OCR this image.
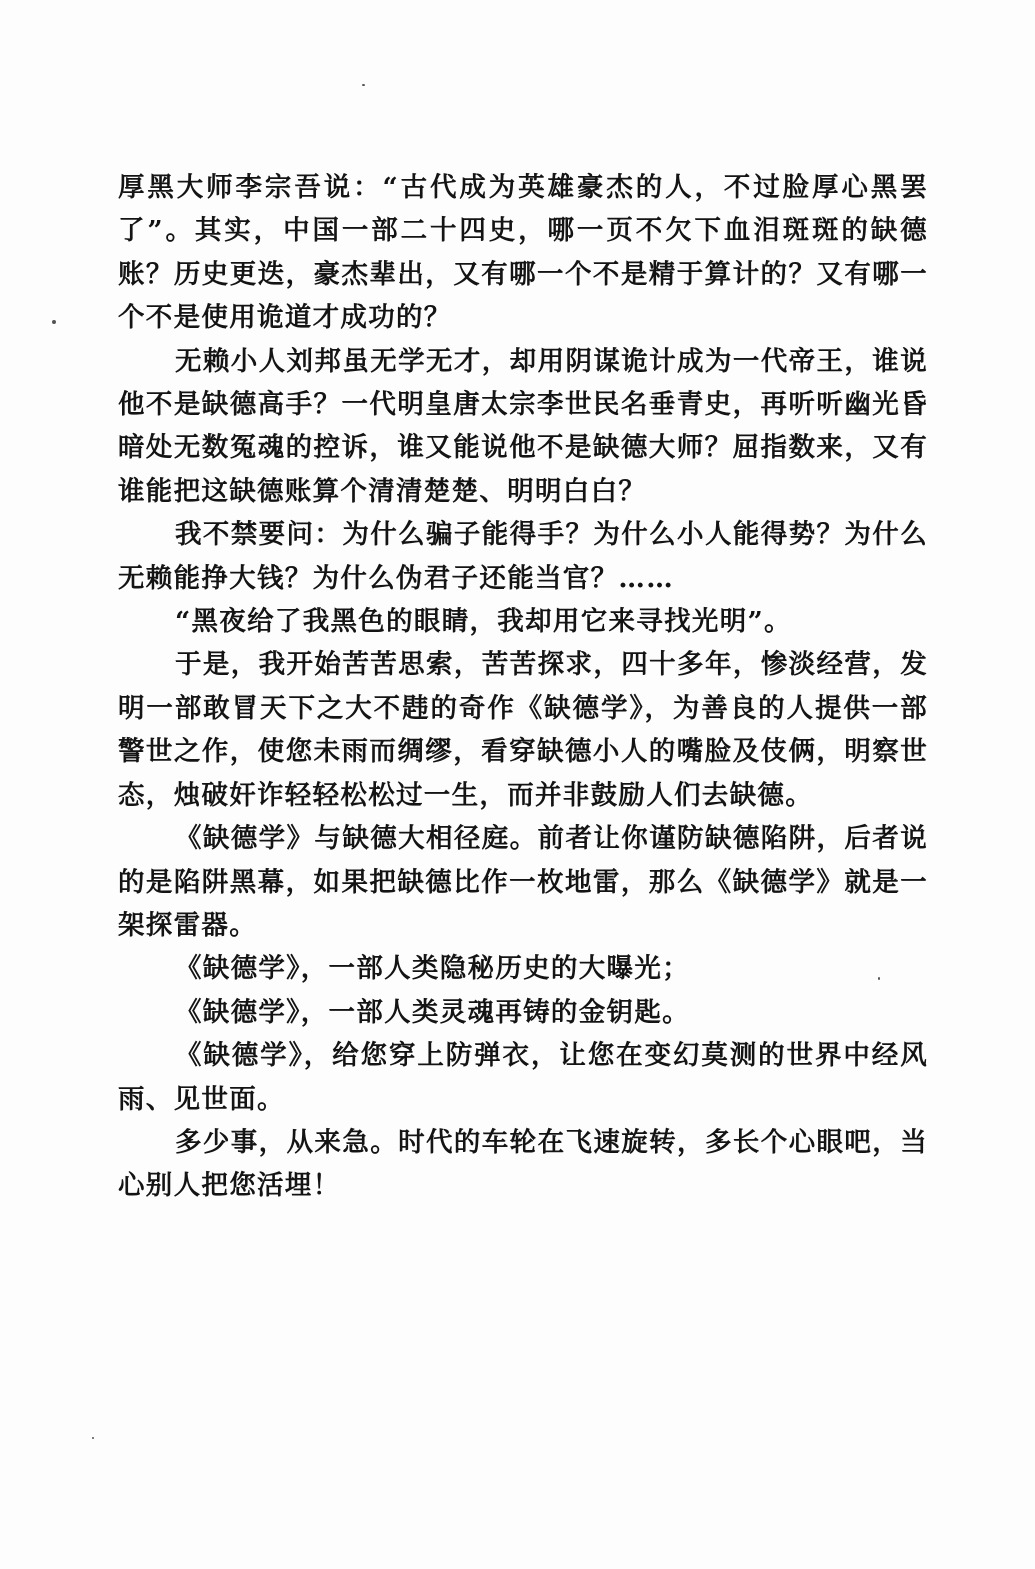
厚黑大师李宗吾说：“古代成为英雄豪杰的人，不过脸厚心黑罢了”。其实，中国一部二十四史，哪一页不欠下血泪斑斑的缺德账？历史更迭，豪杰辈出，又有哪一个不是精于算计的？又有哪一个不是使用诡道才成功的？

无赖小人刘邦虽无学无才，却用阴谋诡计成为一代帝王，谁说他不是缺德高手？一代明皇唐太宗李世民名垂青史，再听听幽光昏暗处无数冤魂的控诉，谁又能说他不是缺德大师？屈指数来，又有谁能把这缺德账算个清清楚楚、明明白白？

我不禁要问：为什么骗子能得手？为什么小人能得势？为什么无赖能挣大钱？为什么伪君子还能当官？……

“黑夜给了我黑色的眼睛，我却用它来寻找光明”。

于是，我开始苦苦思索，苦苦探求，四十多年，惨淡经营，发明一部敢冒天下之大不韪的奇作《缺德学》，为善良的人提供一部警世之作，使您未雨而绸缪，看穿缺德小人的嘴脸及伎俩，明察世态，烛破奸诈轻轻松松过一生，而并非鼓励人们去缺德。

《缺德学》与缺德大相径庭。前者让你谨防缺德陷阱，后者说的是陷阱黑幕，如果把缺德比作一枚地雷，那么《缺德学》就是一架探雷器。

《缺德学》，一部人类隐秘历史的大曝光；

《缺德学》，一部人类灵魂再铸的金钥匙。

《缺德学》，给您穿上防弹衣，让您在变幻莫测的世界中经风雨、见世面。

多少事，从来急。时代的车轮在飞速旋转，多长个心眼吧，当心别人把您活埋！
